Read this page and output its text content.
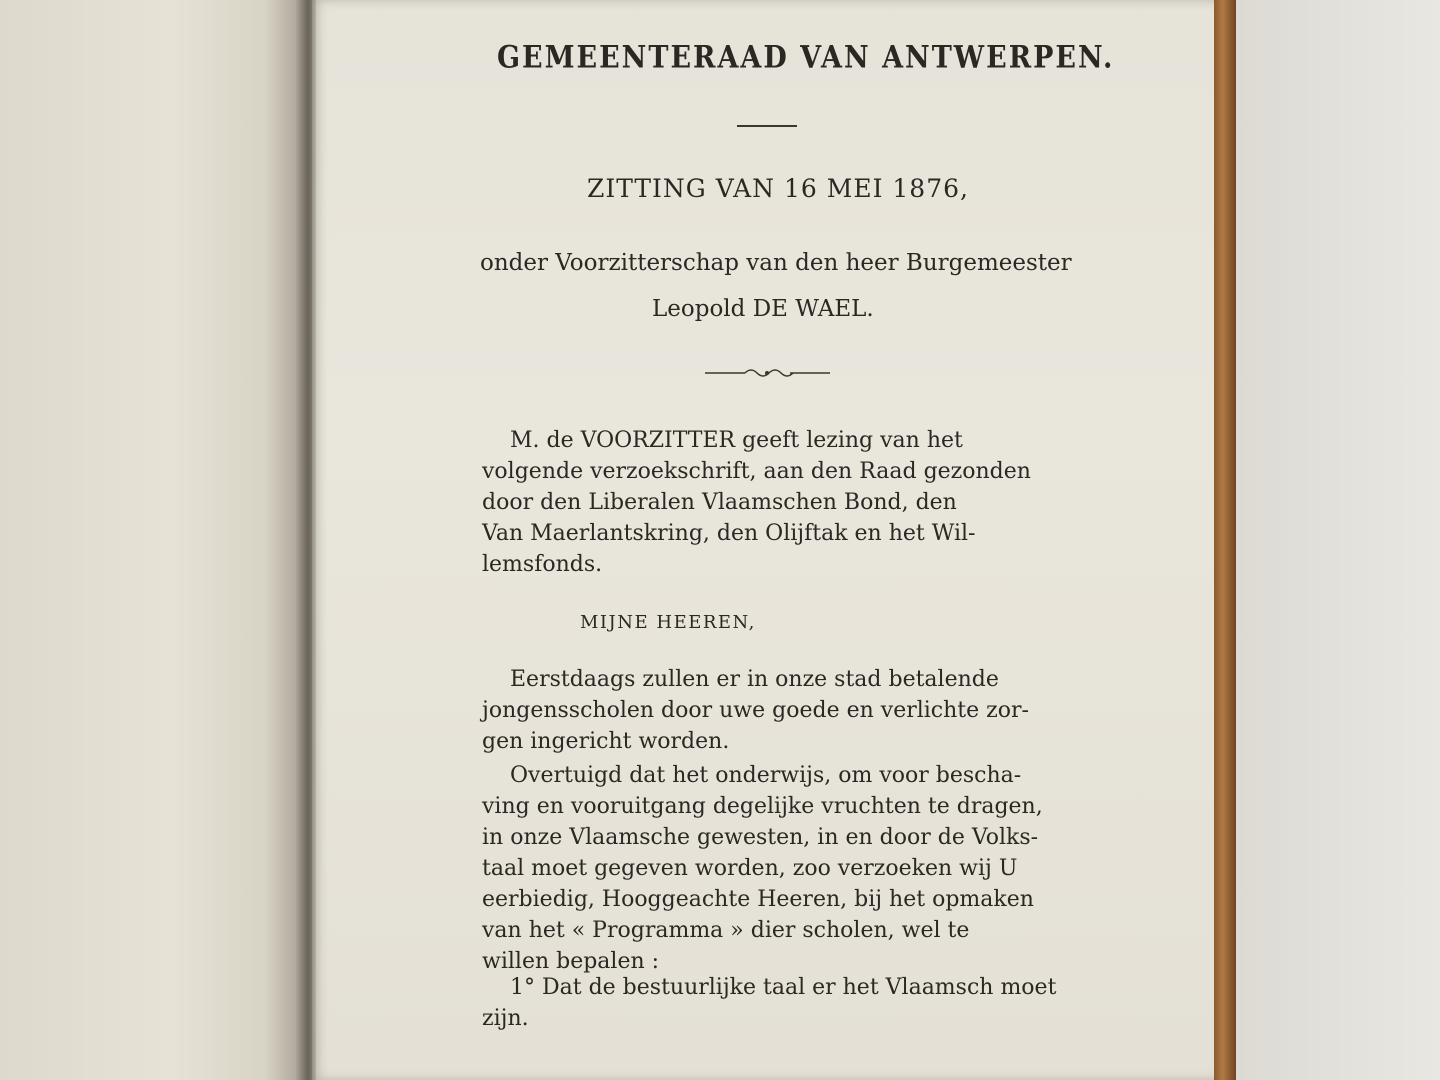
GEMEENTERAAD VAN ANTWERPEN.
ZITTING VAN 16 MEI 1876,
onder Voorzitterschap van den heer Burgemeester
Leopold DE WAEL.
M. de VOORZITTER geeft lezing van het
volgende verzoekschrift, aan den Raad gezonden
door den Liberalen Vlaamschen Bond, den
Van Maerlantskring, den Olijftak en het Wil-
lemsfonds.
MIJNE HEEREN,
Eerstdaags zullen er in onze stad betalende
jongensscholen door uwe goede en verlichte zor-
gen ingericht worden.
Overtuigd dat het onderwijs, om voor bescha-
ving en vooruitgang degelijke vruchten te dragen,
in onze Vlaamsche gewesten, in en door de Volks-
taal moet gegeven worden, zoo verzoeken wij U
eerbiedig, Hooggeachte Heeren, bij het opmaken
van het « Programma » dier scholen, wel te
willen bepalen :
1° Dat de bestuurlijke taal er het Vlaamsch moet
zijn.
